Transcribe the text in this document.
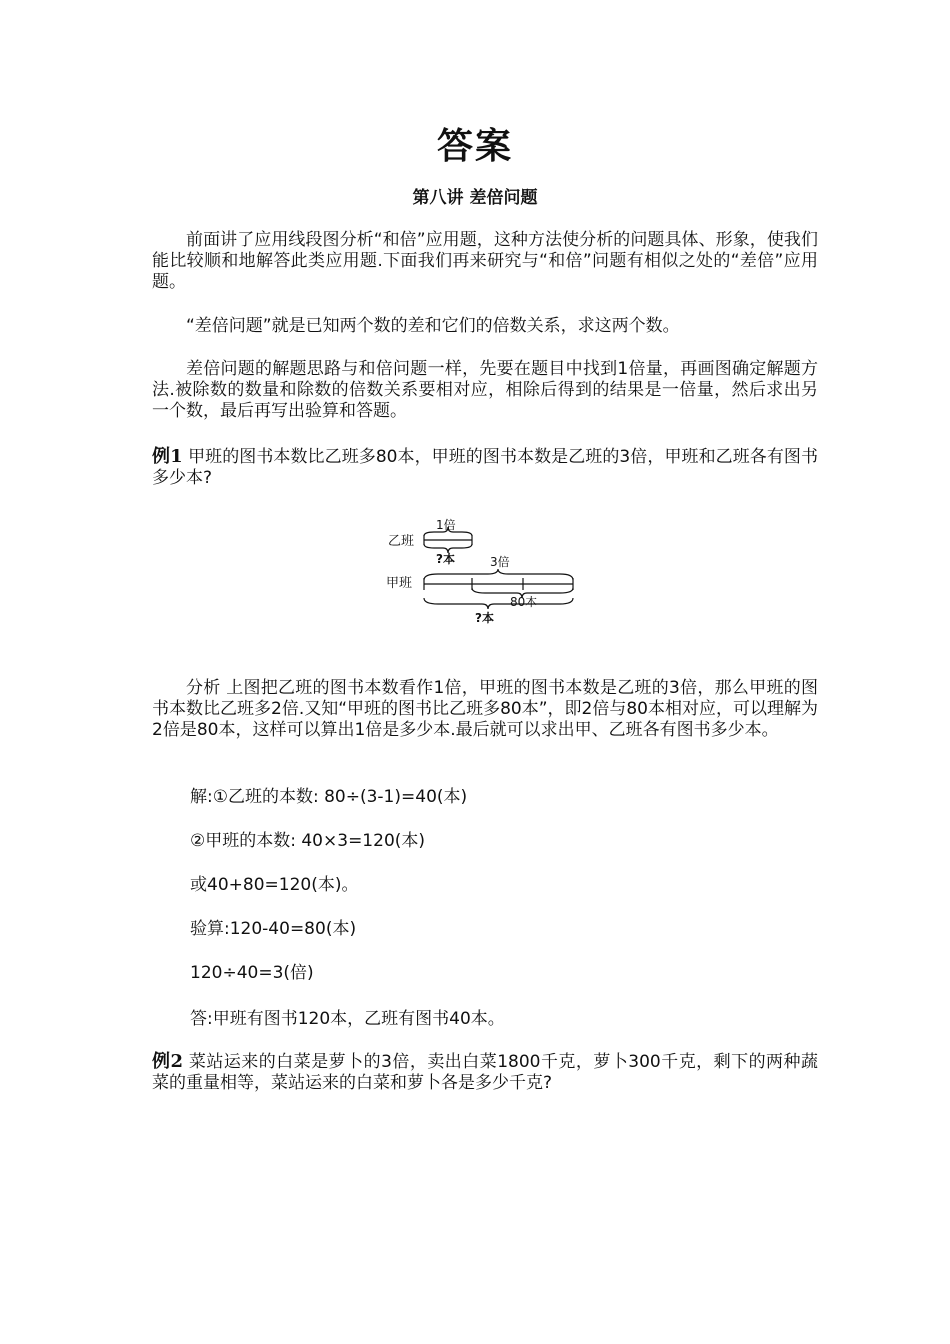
答案
第八讲 差倍问题

前面讲了应用线段图分析“和倍”应用题，这种方法使分析的问题具体、形象，使我们能比较顺和地解答此类应用题.下面我们再来研究与“和倍”问题有相似之处的“差倍”应用题。

“差倍问题”就是已知两个数的差和它们的倍数关系，求这两个数。

差倍问题的解题思路与和倍问题一样，先要在题目中找到1倍量，再画图确定解题方法.被除数的数量和除数的倍数关系要相对应，相除后得到的结果是一倍量，然后求出另一个数，最后再写出验算和答题。

例1 甲班的图书本数比乙班多80本，甲班的图书本数是乙班的3倍，甲班和乙班各有图书多少本?

乙班
1倍
?本
甲班
3倍
80本
?本

分析 上图把乙班的图书本数看作1倍，甲班的图书本数是乙班的3倍，那么甲班的图书本数比乙班多2倍.又知“甲班的图书比乙班多80本”，即2倍与80本相对应，可以理解为2倍是80本，这样可以算出1倍是多少本.最后就可以求出甲、乙班各有图书多少本。

解:①乙班的本数: 80÷(3-1)=40(本)

②甲班的本数: 40×3=120(本)

或40+80=120(本)。

验算:120-40=80(本)

120÷40=3(倍)

答:甲班有图书120本，乙班有图书40本。

例2 菜站运来的白菜是萝卜的3倍，卖出白菜1800千克，萝卜300千克，剩下的两种蔬菜的重量相等，菜站运来的白菜和萝卜各是多少千克?
